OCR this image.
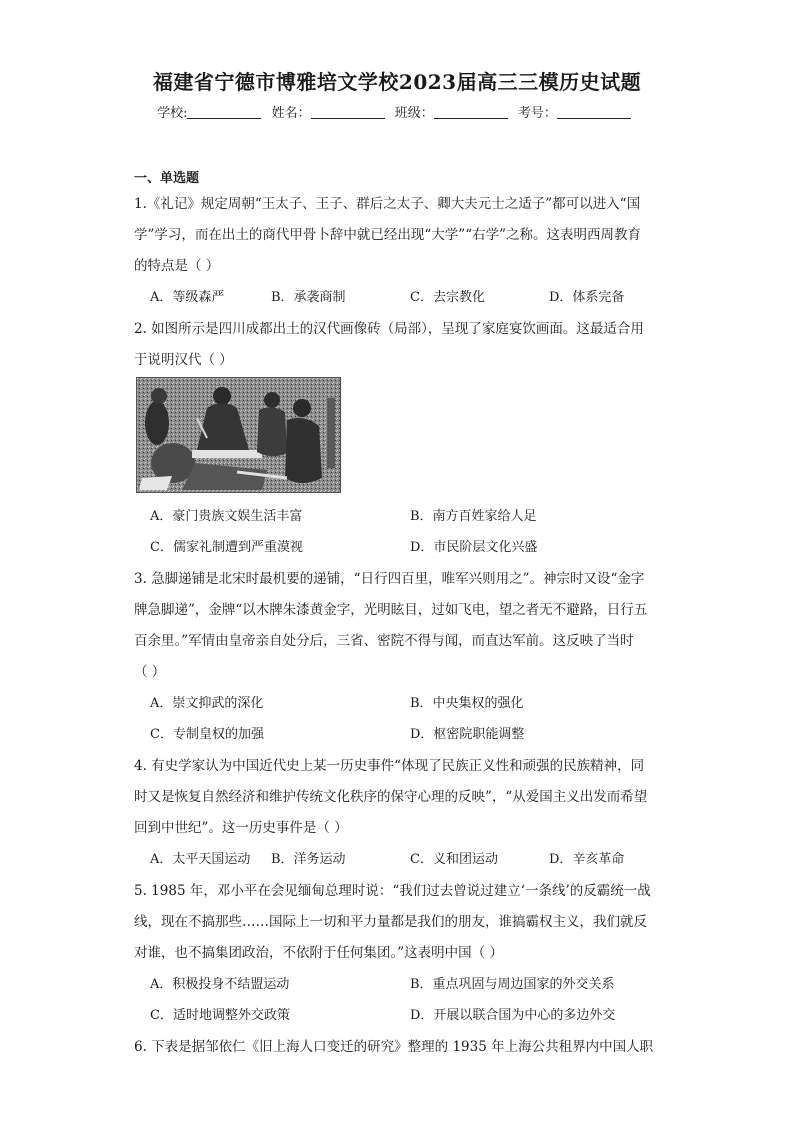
福建省宁德市博雅培文学校2023届高三三模历史试题
学校:	姓名：	班级：	考号：
一、单选题
1.《礼记》规定周朝“王太子、王子、群后之太子、卿大夫元士之适子”都可以进入“国
学”学习，而在出土的商代甲骨卜辞中就已经出现“大学”“右学”之称。这表明西周教育
的特点是（ ）
A．等级森严	B．承袭商制	C．去宗教化	D．体系完备
2. 如图所示是四川成都出土的汉代画像砖（局部），呈现了家庭宴饮画面。这最适合用
于说明汉代（ ）
A．豪门贵族文娱生活丰富	B．南方百姓家给人足
C．儒家礼制遭到严重漠视	D．市民阶层文化兴盛
3. 急脚递铺是北宋时最机要的递铺，“日行四百里，唯军兴则用之”。神宗时又设“金字
牌急脚递”，金牌“以木牌朱漆黄金字，光明眩目，过如飞电，望之者无不避路，日行五
百余里。”军情由皇帝亲自处分后，三省、密院不得与闻，而直达军前。这反映了当时
（ ）
A．崇文抑武的深化	B．中央集权的强化
C．专制皇权的加强	D．枢密院职能调整
4. 有史学家认为中国近代史上某一历史事件“体现了民族正义性和顽强的民族精神，同
时又是恢复自然经济和维护传统文化秩序的保守心理的反映”，“从爱国主义出发而希望
回到中世纪”。这一历史事件是（ ）
A．太平天国运动 B．洋务运动	C．义和团运动	D．辛亥革命
5. 1985 年，邓小平在会见缅甸总理时说：“我们过去曾说过建立‘一条线’的反霸统一战
线，现在不搞那些……国际上一切和平力量都是我们的朋友，谁搞霸权主义，我们就反
对谁，也不搞集团政治，不依附于任何集团。”这表明中国（ ）
A．积极投身不结盟运动	B．重点巩固与周边国家的外交关系
C．适时地调整外交政策	D．开展以联合国为中心的多边外交
6. 下表是据邹依仁《旧上海人口变迁的研究》整理的 1935 年上海公共租界内中国人职
